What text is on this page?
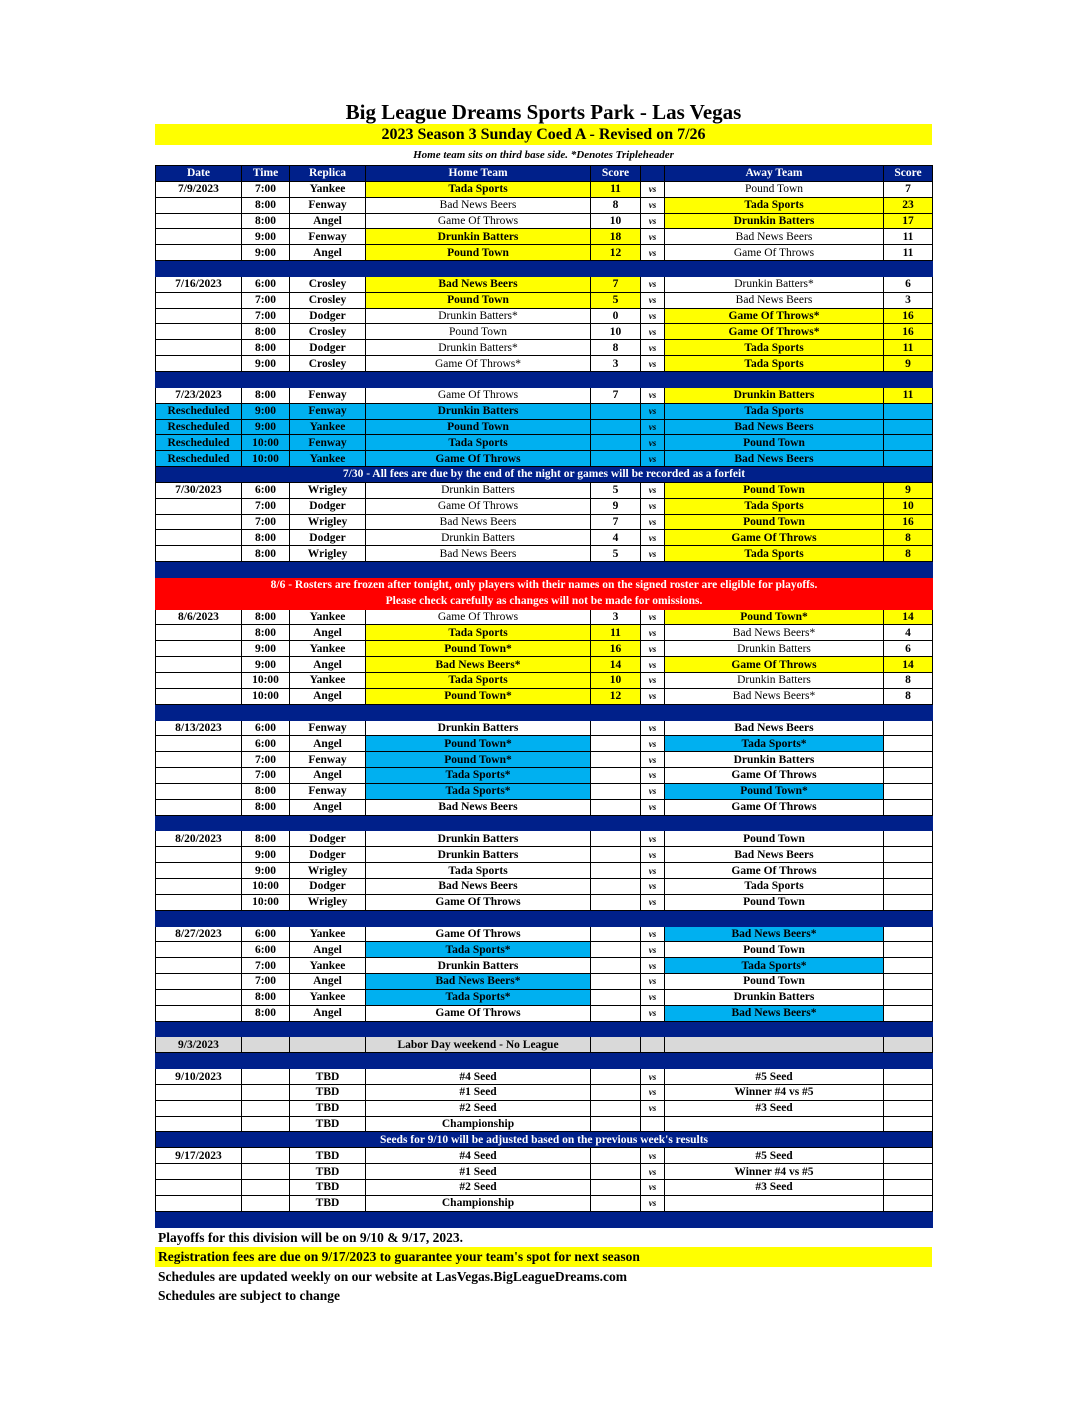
Big League Dreams Sports Park - Las Vegas
2023 Season 3 Sunday Coed A - Revised on 7/26
Home team sits on third base side. *Denotes Tripleheader
Date	Time	Replica	Home Team	Score		Away Team	Score
7/9/2023	7:00	Yankee	Tada Sports	11	vs	Pound Town	7
	8:00	Fenway	Bad News Beers	8	vs	Tada Sports	23
	8:00	Angel	Game Of Throws	10	vs	Drunkin Batters	17
	9:00	Fenway	Drunkin Batters	18	vs	Bad News Beers	11
	9:00	Angel	Pound Town	12	vs	Game Of Throws	11

7/16/2023	6:00	Crosley	Bad News Beers	7	vs	Drunkin Batters*	6
	7:00	Crosley	Pound Town	5	vs	Bad News Beers	3
	7:00	Dodger	Drunkin Batters*	0	vs	Game Of Throws*	16
	8:00	Crosley	Pound Town	10	vs	Game Of Throws*	16
	8:00	Dodger	Drunkin Batters*	8	vs	Tada Sports	11
	9:00	Crosley	Game Of Throws*	3	vs	Tada Sports	9

7/23/2023	8:00	Fenway	Game Of Throws	7	vs	Drunkin Batters	11
Rescheduled	9:00	Fenway	Drunkin Batters		vs	Tada Sports	
Rescheduled	9:00	Yankee	Pound Town		vs	Bad News Beers	
Rescheduled	10:00	Fenway	Tada Sports		vs	Pound Town	
Rescheduled	10:00	Yankee	Game Of Throws		vs	Bad News Beers	
7/30 - All fees are due by the end of the night or games will be recorded as a forfeit							
7/30/2023	6:00	Wrigley	Drunkin Batters	5	vs	Pound Town	9
	7:00	Dodger	Game Of Throws	9	vs	Tada Sports	10
	7:00	Wrigley	Bad News Beers	7	vs	Pound Town	16
	8:00	Dodger	Drunkin Batters	4	vs	Game Of Throws	8
	8:00	Wrigley	Bad News Beers	5	vs	Tada Sports	8

8/6 - Rosters are frozen after tonight, only players with their names on the signed roster are eligible for playoffs.							
Please check carefully as changes will not be made for omissions.							
8/6/2023	8:00	Yankee	Game Of Throws	3	vs	Pound Town*	14
	8:00	Angel	Tada Sports	11	vs	Bad News Beers*	4
	9:00	Yankee	Pound Town*	16	vs	Drunkin Batters	6
	9:00	Angel	Bad News Beers*	14	vs	Game Of Throws	14
	10:00	Yankee	Tada Sports	10	vs	Drunkin Batters	8
	10:00	Angel	Pound Town*	12	vs	Bad News Beers*	8

8/13/2023	6:00	Fenway	Drunkin Batters		vs	Bad News Beers	
	6:00	Angel	Pound Town*		vs	Tada Sports*	
	7:00	Fenway	Pound Town*		vs	Drunkin Batters	
	7:00	Angel	Tada Sports*		vs	Game Of Throws	
	8:00	Fenway	Tada Sports*		vs	Pound Town*	
	8:00	Angel	Bad News Beers		vs	Game Of Throws	

8/20/2023	8:00	Dodger	Drunkin Batters		vs	Pound Town	
	9:00	Dodger	Drunkin Batters		vs	Bad News Beers	
	9:00	Wrigley	Tada Sports		vs	Game Of Throws	
	10:00	Dodger	Bad News Beers		vs	Tada Sports	
	10:00	Wrigley	Game Of Throws		vs	Pound Town	

8/27/2023	6:00	Yankee	Game Of Throws		vs	Bad News Beers*	
	6:00	Angel	Tada Sports*		vs	Pound Town	
	7:00	Yankee	Drunkin Batters		vs	Tada Sports*	
	7:00	Angel	Bad News Beers*		vs	Pound Town	
	8:00	Yankee	Tada Sports*		vs	Drunkin Batters	
	8:00	Angel	Game Of Throws		vs	Bad News Beers*	

9/3/2023			Labor Day weekend - No League				

9/10/2023		TBD	#4 Seed		vs	#5 Seed	
		TBD	#1 Seed		vs	Winner #4 vs #5	
		TBD	#2 Seed		vs	#3 Seed	
		TBD	Championship				
Seeds for 9/10 will be adjusted based on the previous week's results							
9/17/2023		TBD	#4 Seed		vs	#5 Seed	
		TBD	#1 Seed		vs	Winner #4 vs #5	
		TBD	#2 Seed		vs	#3 Seed	
		TBD	Championship		vs		

Playoffs for this division will be on 9/10 & 9/17, 2023.
Registration fees are due on 9/17/2023 to guarantee your team's spot for next season
Schedules are updated weekly on our website at LasVegas.BigLeagueDreams.com
Schedules are subject to change
